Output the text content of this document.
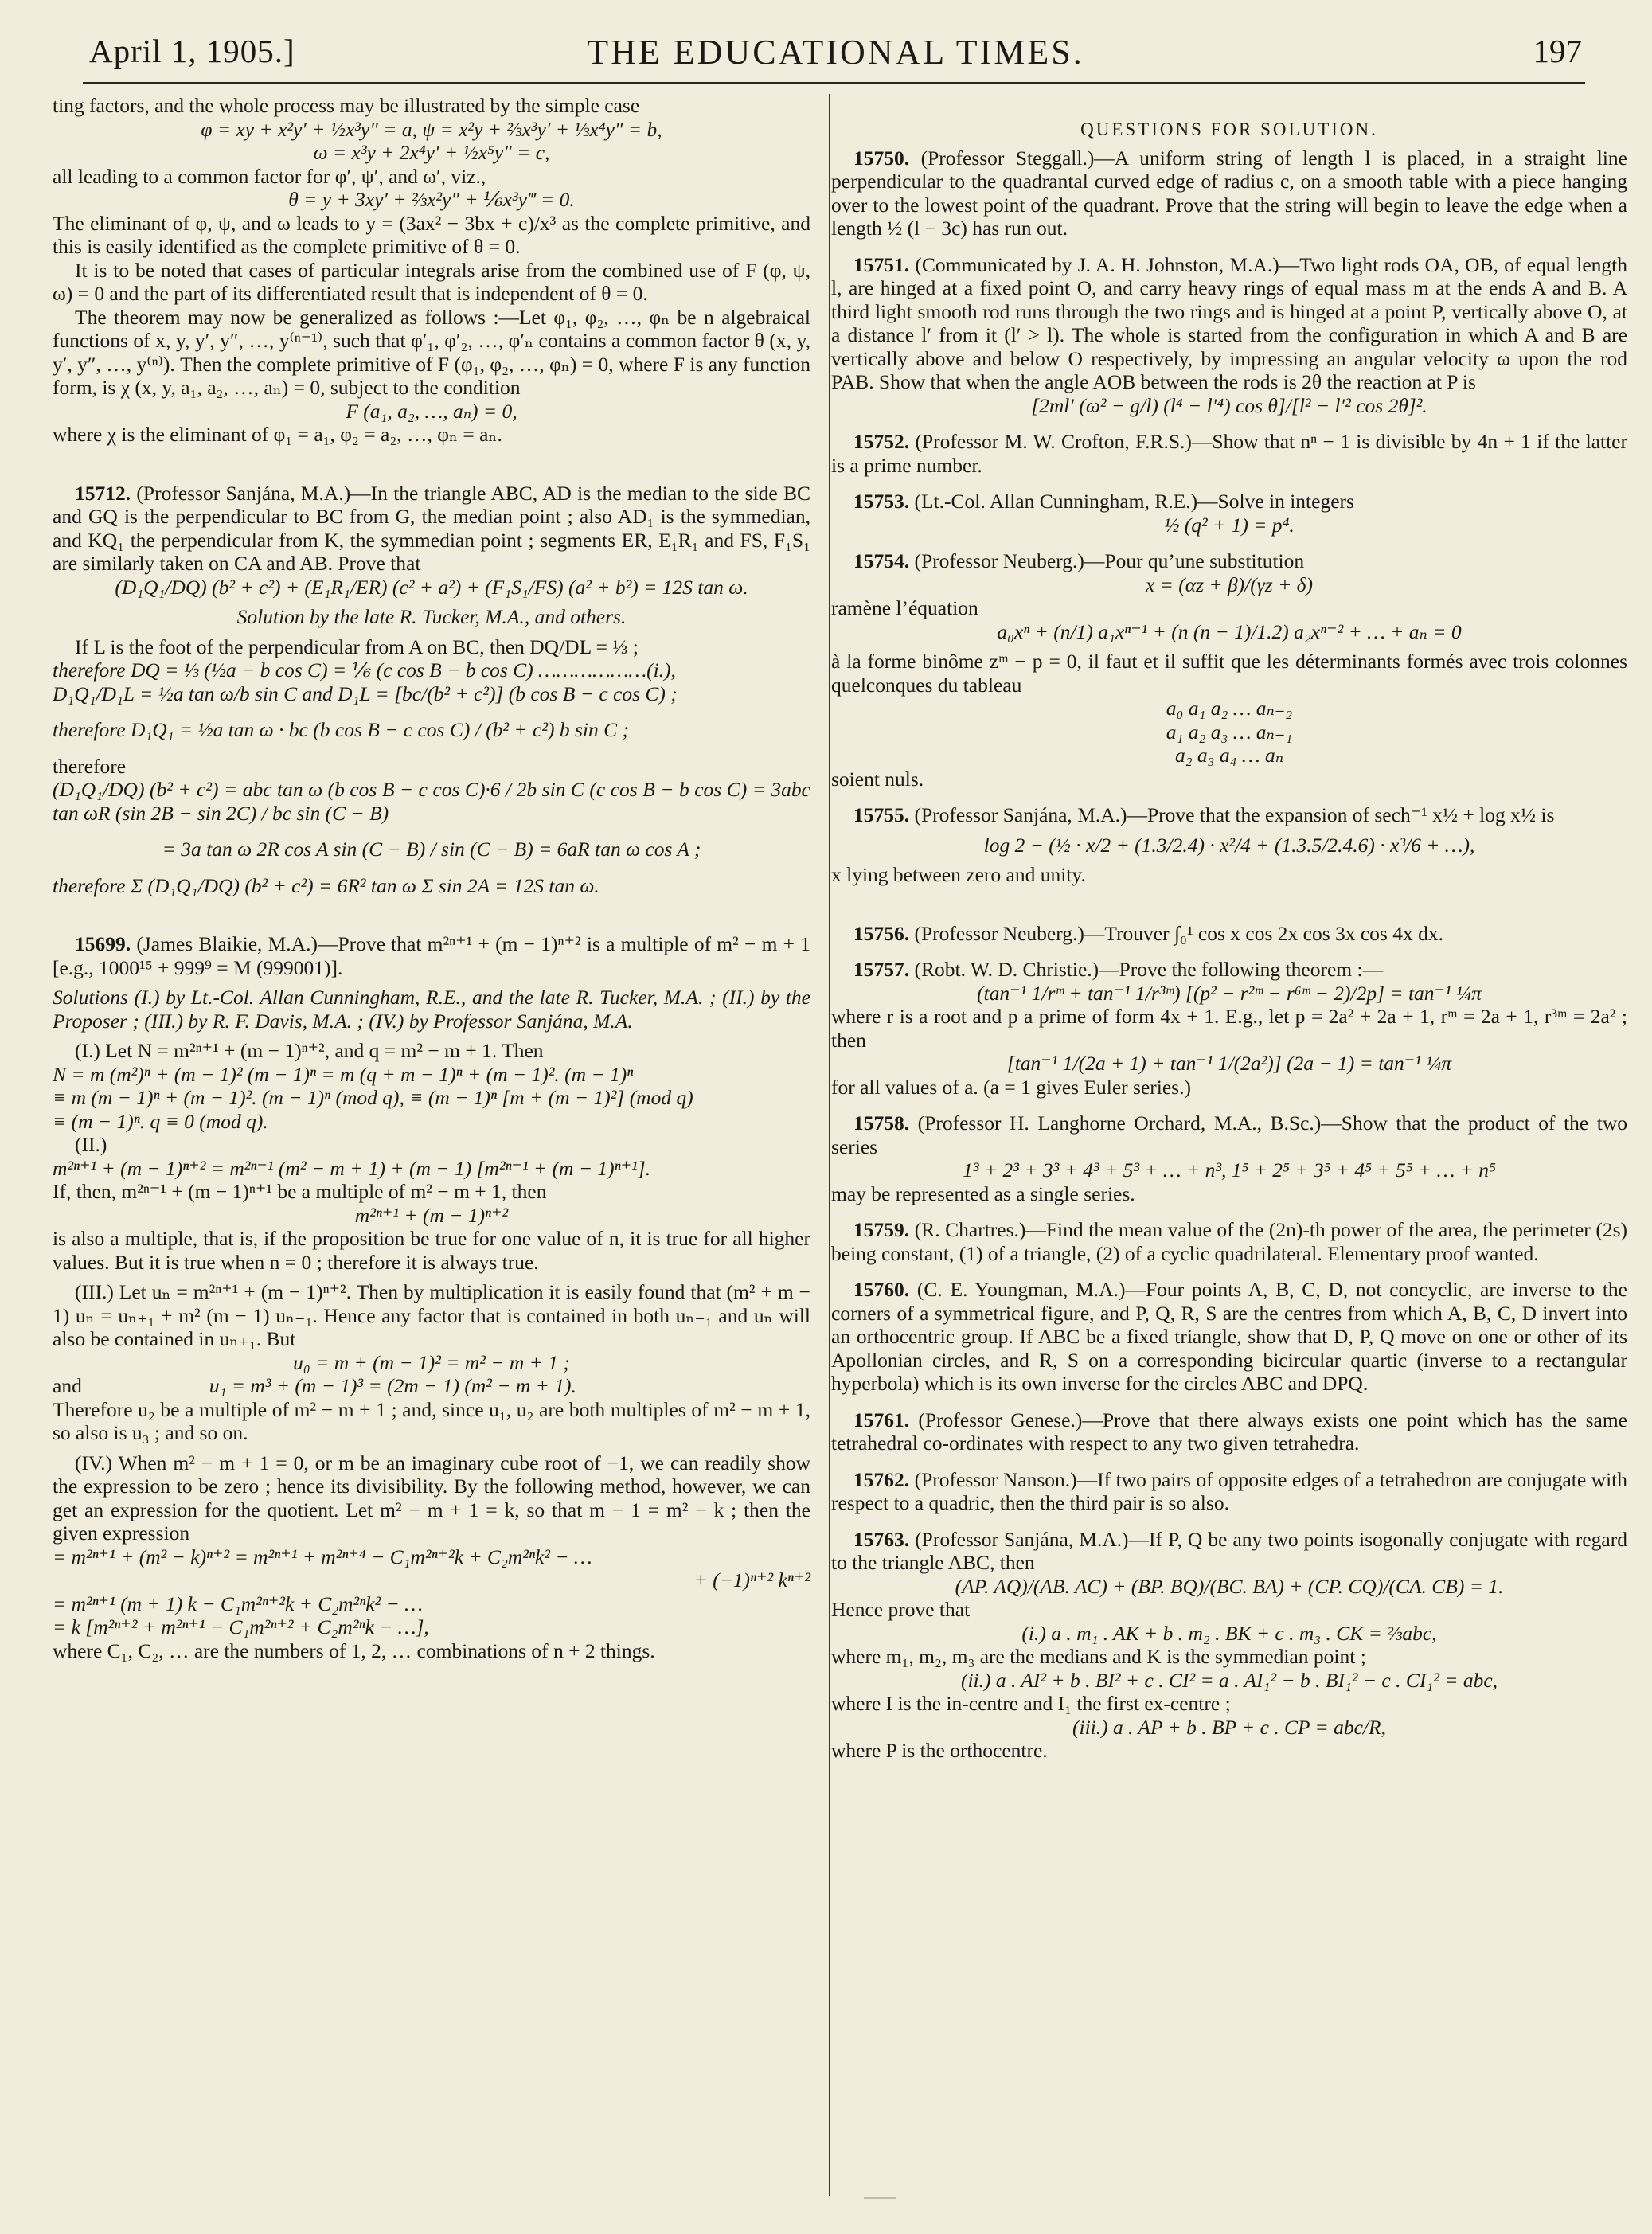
April 1, 1905.]	THE EDUCATIONAL TIMES.	197

ting factors, and the whole process may be illustrated by the simple case

φ = xy + x²y′ + ½x³y″ = a, ψ = x²y + ⅔x³y′ + ⅓x⁴y″ = b,

ω = x³y + 2x⁴y′ + ½x⁵y″ = c,

all leading to a common factor for φ′, ψ′, and ω′, viz.,

θ = y + 3xy′ + ⅔x²y″ + ⅙x³y‴ = 0.

The eliminant of φ, ψ, and ω leads to y = (3ax² − 3bx + c)/x³ as the complete primitive, and this is easily identified as the complete primitive of θ = 0.

It is to be noted that cases of particular integrals arise from the combined use of F (φ, ψ, ω) = 0 and the part of its differentiated result that is independent of θ = 0.

The theorem may now be generalized as follows :—Let φ₁, φ₂, …, φₙ be n algebraical functions of x, y, y′, y″, …, y⁽ⁿ⁻¹⁾, such that φ′₁, φ′₂, …, φ′ₙ contains a common factor θ (x, y, y′, y″, …, y⁽ⁿ⁾). Then the complete primitive of F (φ₁, φ₂, …, φₙ) = 0, where F is any function form, is χ (x, y, a₁, a₂, …, aₙ) = 0, subject to the condition

F (a₁, a₂, …, aₙ) = 0,

where χ is the eliminant of φ₁ = a₁, φ₂ = a₂, …, φₙ = aₙ.

15712. (Professor Sanjána, M.A.)—In the triangle ABC, AD is the median to the side BC and GQ is the perpendicular to BC from G, the median point ; also AD₁ is the symmedian, and KQ₁ the perpendicular from K, the symmedian point ; segments ER, E₁R₁ and FS, F₁S₁ are similarly taken on CA and AB. Prove that

(D₁Q₁/DQ) (b² + c²) + (E₁R₁/ER) (c² + a²) + (F₁S₁/FS) (a² + b²) = 12S tan ω.

Solution by the late R. Tucker, M.A., and others.

If L is the foot of the perpendicular from A on BC, then DQ/DL = ⅓ ;

therefore DQ = ⅓ (½a − b cos C) = ⅙ (c cos B − b cos C) ………………(i.),

D₁Q₁/D₁L = ½a tan ω/b sin C and D₁L = [bc/(b² + c²)] (b cos B − c cos C) ;

therefore D₁Q₁ = ½a tan ω · bc (b cos B − c cos C) / (b² + c²) b sin C ;

therefore

(D₁Q₁/DQ) (b² + c²) = abc tan ω (b cos B − c cos C)·6 / 2b sin C (c cos B − b cos C) = 3abc tan ωR (sin 2B − sin 2C) / bc sin (C − B)

= 3a tan ω 2R cos A sin (C − B) / sin (C − B) = 6aR tan ω cos A ;

therefore Σ (D₁Q₁/DQ) (b² + c²) = 6R² tan ω Σ sin 2A = 12S tan ω.

15699. (James Blaikie, M.A.)—Prove that m²ⁿ⁺¹ + (m − 1)ⁿ⁺² is a multiple of m² − m + 1 [e.g., 1000¹⁵ + 999⁹ = M (999001)].

Solutions (I.) by Lt.-Col. Allan Cunningham, R.E., and the late R. Tucker, M.A. ; (II.) by the Proposer ; (III.) by R. F. Davis, M.A. ; (IV.) by Professor Sanjána, M.A.

(I.) Let N = m²ⁿ⁺¹ + (m − 1)ⁿ⁺², and q = m² − m + 1. Then

N = m (m²)ⁿ + (m − 1)² (m − 1)ⁿ = m (q + m − 1)ⁿ + (m − 1)². (m − 1)ⁿ

≡ m (m − 1)ⁿ + (m − 1)². (m − 1)ⁿ (mod q), ≡ (m − 1)ⁿ [m + (m − 1)²] (mod q)

≡ (m − 1)ⁿ. q ≡ 0 (mod q).

(II.)

m²ⁿ⁺¹ + (m − 1)ⁿ⁺² = m²ⁿ⁻¹ (m² − m + 1) + (m − 1) [m²ⁿ⁻¹ + (m − 1)ⁿ⁺¹].

If, then, m²ⁿ⁻¹ + (m − 1)ⁿ⁺¹ be a multiple of m² − m + 1, then

m²ⁿ⁺¹ + (m − 1)ⁿ⁺²

is also a multiple, that is, if the proposition be true for one value of n, it is true for all higher values. But it is true when n = 0 ; therefore it is always true.

(III.) Let uₙ = m²ⁿ⁺¹ + (m − 1)ⁿ⁺². Then by multiplication it is easily found that (m² + m − 1) uₙ = uₙ₊₁ + m² (m − 1) uₙ₋₁. Hence any factor that is contained in both uₙ₋₁ and uₙ will also be contained in uₙ₊₁. But

u₀ = m + (m − 1)² = m² − m + 1 ;

and	u₁ = m³ + (m − 1)³ = (2m − 1) (m² − m + 1).

Therefore u₂ be a multiple of m² − m + 1 ; and, since u₁, u₂ are both multiples of m² − m + 1, so also is u₃ ; and so on.

(IV.) When m² − m + 1 = 0, or m be an imaginary cube root of −1, we can readily show the expression to be zero ; hence its divisibility. By the following method, however, we can get an expression for the quotient. Let m² − m + 1 = k, so that m − 1 = m² − k ; then the given expression

= m²ⁿ⁺¹ + (m² − k)ⁿ⁺² = m²ⁿ⁺¹ + m²ⁿ⁺⁴ − C₁m²ⁿ⁺²k + C₂m²ⁿk² − …

+ (−1)ⁿ⁺² kⁿ⁺²

= m²ⁿ⁺¹ (m + 1) k − C₁m²ⁿ⁺²k + C₂m²ⁿk² − …

= k [m²ⁿ⁺² + m²ⁿ⁺¹ − C₁m²ⁿ⁺² + C₂m²ⁿk − …],

where C₁, C₂, … are the numbers of 1, 2, … combinations of n + 2 things.

QUESTIONS FOR SOLUTION.

15750. (Professor Steggall.)—A uniform string of length l is placed, in a straight line perpendicular to the quadrantal curved edge of radius c, on a smooth table with a piece hanging over to the lowest point of the quadrant. Prove that the string will begin to leave the edge when a length ½ (l − 3c) has run out.

15751. (Communicated by J. A. H. Johnston, M.A.)—Two light rods OA, OB, of equal length l, are hinged at a fixed point O, and carry heavy rings of equal mass m at the ends A and B. A third light smooth rod runs through the two rings and is hinged at a point P, vertically above O, at a distance l′ from it (l′ > l). The whole is started from the configuration in which A and B are vertically above and below O respectively, by impressing an angular velocity ω upon the rod PAB. Show that when the angle AOB between the rods is 2θ the reaction at P is

[2ml′ (ω² − g/l) (l⁴ − l′⁴) cos θ]/[l² − l′² cos 2θ]².

15752. (Professor M. W. Crofton, F.R.S.)—Show that nⁿ − 1 is divisible by 4n + 1 if the latter is a prime number.

15753. (Lt.-Col. Allan Cunningham, R.E.)—Solve in integers

½ (q² + 1) = p⁴.

15754. (Professor Neuberg.)—Pour qu’une substitution

x = (αz + β)/(γz + δ)

ramène l’équation

a₀xⁿ + (n/1) a₁xⁿ⁻¹ + (n (n − 1)/1.2) a₂xⁿ⁻² + … + aₙ = 0

à la forme binôme zᵐ − p = 0, il faut et il suffit que les déterminants formés avec trois colonnes quelconques du tableau

a₀ a₁ a₂ … aₙ₋₂

a₁ a₂ a₃ … aₙ₋₁

a₂ a₃ a₄ … aₙ

soient nuls.

15755. (Professor Sanjána, M.A.)—Prove that the expansion of sech⁻¹ x½ + log x½ is

log 2 − (½ · x/2 + (1.3/2.4) · x²/4 + (1.3.5/2.4.6) · x³/6 + …),

x lying between zero and unity.

15756. (Professor Neuberg.)—Trouver ∫₀¹ cos x cos 2x cos 3x cos 4x dx.

15757. (Robt. W. D. Christie.)—Prove the following theorem :—

(tan⁻¹ 1/rᵐ + tan⁻¹ 1/r³ᵐ) [(p² − r²ᵐ − r⁶ᵐ − 2)/2p] = tan⁻¹ ¼π

where r is a root and p a prime of form 4x + 1. E.g., let p = 2a² + 2a + 1, rᵐ = 2a + 1, r³ᵐ = 2a² ; then

[tan⁻¹ 1/(2a + 1) + tan⁻¹ 1/(2a²)] (2a − 1) = tan⁻¹ ¼π

for all values of a. (a = 1 gives Euler series.)

15758. (Professor H. Langhorne Orchard, M.A., B.Sc.)—Show that the product of the two series

1³ + 2³ + 3³ + 4³ + 5³ + … + n³, 1⁵ + 2⁵ + 3⁵ + 4⁵ + 5⁵ + … + n⁵

may be represented as a single series.

15759. (R. Chartres.)—Find the mean value of the (2n)-th power of the area, the perimeter (2s) being constant, (1) of a triangle, (2) of a cyclic quadrilateral. Elementary proof wanted.

15760. (C. E. Youngman, M.A.)—Four points A, B, C, D, not concyclic, are inverse to the corners of a symmetrical figure, and P, Q, R, S are the centres from which A, B, C, D invert into an orthocentric group. If ABC be a fixed triangle, show that D, P, Q move on one or other of its Apollonian circles, and R, S on a corresponding bicircular quartic (inverse to a rectangular hyperbola) which is its own inverse for the circles ABC and DPQ.

15761. (Professor Genese.)—Prove that there always exists one point which has the same tetrahedral co-ordinates with respect to any two given tetrahedra.

15762. (Professor Nanson.)—If two pairs of opposite edges of a tetrahedron are conjugate with respect to a quadric, then the third pair is so also.

15763. (Professor Sanjána, M.A.)—If P, Q be any two points isogonally conjugate with regard to the triangle ABC, then

(AP. AQ)/(AB. AC) + (BP. BQ)/(BC. BA) + (CP. CQ)/(CA. CB) = 1.

Hence prove that

(i.) a . m₁ . AK + b . m₂ . BK + c . m₃ . CK = ⅔abc,

where m₁, m₂, m₃ are the medians and K is the symmedian point ;

(ii.) a . AI² + b . BI² + c . CI² = a . AI₁² − b . BI₁² − c . CI₁² = abc,

where I is the in-centre and I₁ the first ex-centre ;

(iii.) a . AP + b . BP + c . CP = abc/R,

where P is the orthocentre.
